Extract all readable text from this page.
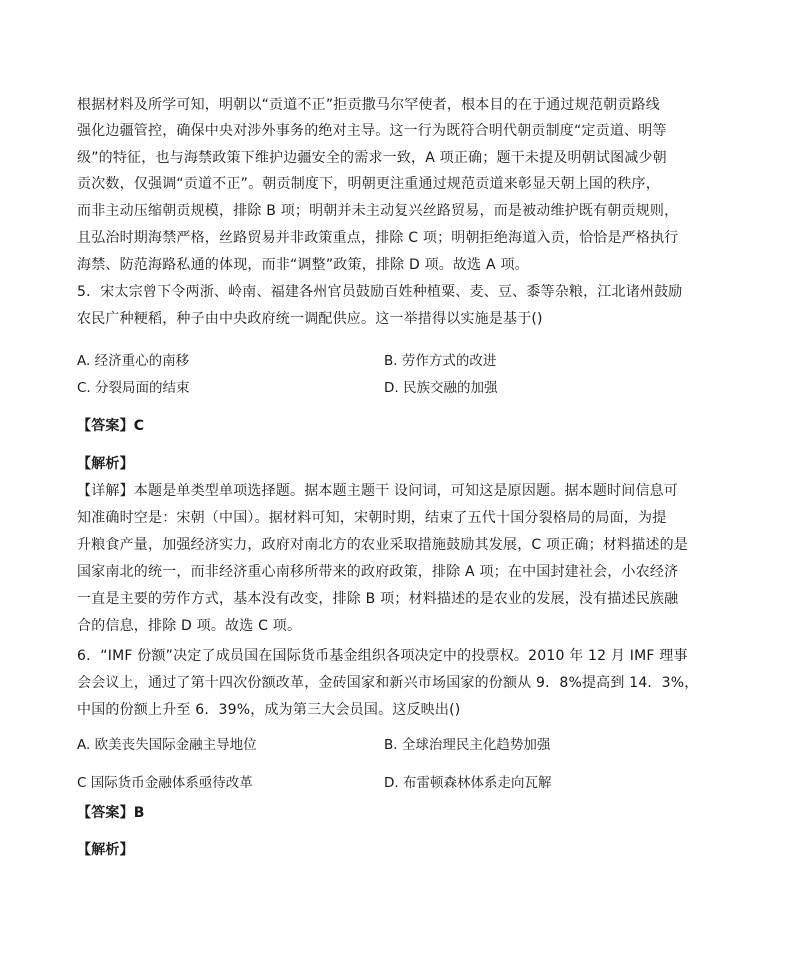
根据材料及所学可知，明朝以“贡道不正”拒贡撒马尔罕使者，根本目的在于通过规范朝贡路线
强化边疆管控，确保中央对涉外事务的绝对主导。这一行为既符合明代朝贡制度“定贡道、明等
级”的特征，也与海禁政策下维护边疆安全的需求一致，A 项正确；题干未提及明朝试图减少朝
贡次数，仅强调“贡道不正”。朝贡制度下，明朝更注重通过规范贡道来彰显天朝上国的秩序，
而非主动压缩朝贡规模，排除 B 项；明朝并未主动复兴丝路贸易，而是被动维护既有朝贡规则，
且弘治时期海禁严格，丝路贸易并非政策重点，排除 C 项；明朝拒绝海道入贡，恰恰是严格执行
海禁、防范海路私通的体现，而非“调整”政策，排除 D 项。故选 A 项。
5．宋太宗曾下令两浙、岭南、福建各州官员鼓励百姓种植粟、麦、豆、黍等杂粮，江北诸州鼓励
农民广种粳稻，种子由中央政府统一调配供应。这一举措得以实施是基于()
A. 经济重心的南移	B. 劳作方式的改进
C. 分裂局面的结束	D. 民族交融的加强
【答案】C
【解析】
【详解】本题是单类型单项选择题。据本题主题干 设问词，可知这是原因题。据本题时间信息可
知准确时空是：宋朝（中国）。据材料可知，宋朝时期，结束了五代十国分裂格局的局面，为提
升粮食产量，加强经济实力，政府对南北方的农业采取措施鼓励其发展，C 项正确；材料描述的是
国家南北的统一，而非经济重心南移所带来的政府政策，排除 A 项；在中国封建社会，小农经济
一直是主要的劳作方式，基本没有改变，排除 B 项；材料描述的是农业的发展，没有描述民族融
合的信息，排除 D 项。故选 C 项。
6．“IMF 份额”决定了成员国在国际货币基金组织各项决定中的投票权。2010 年 12 月 IMF 理事
会会议上，通过了第十四次份额改革，金砖国家和新兴市场国家的份额从 9．8%提高到 14．3%，
中国的份额上升至 6．39%，成为第三大会员国。这反映出()
A. 欧美丧失国际金融主导地位	B. 全球治理民主化趋势加强
C 国际货币金融体系亟待改革	D. 布雷顿森林体系走向瓦解
【答案】B
【解析】
